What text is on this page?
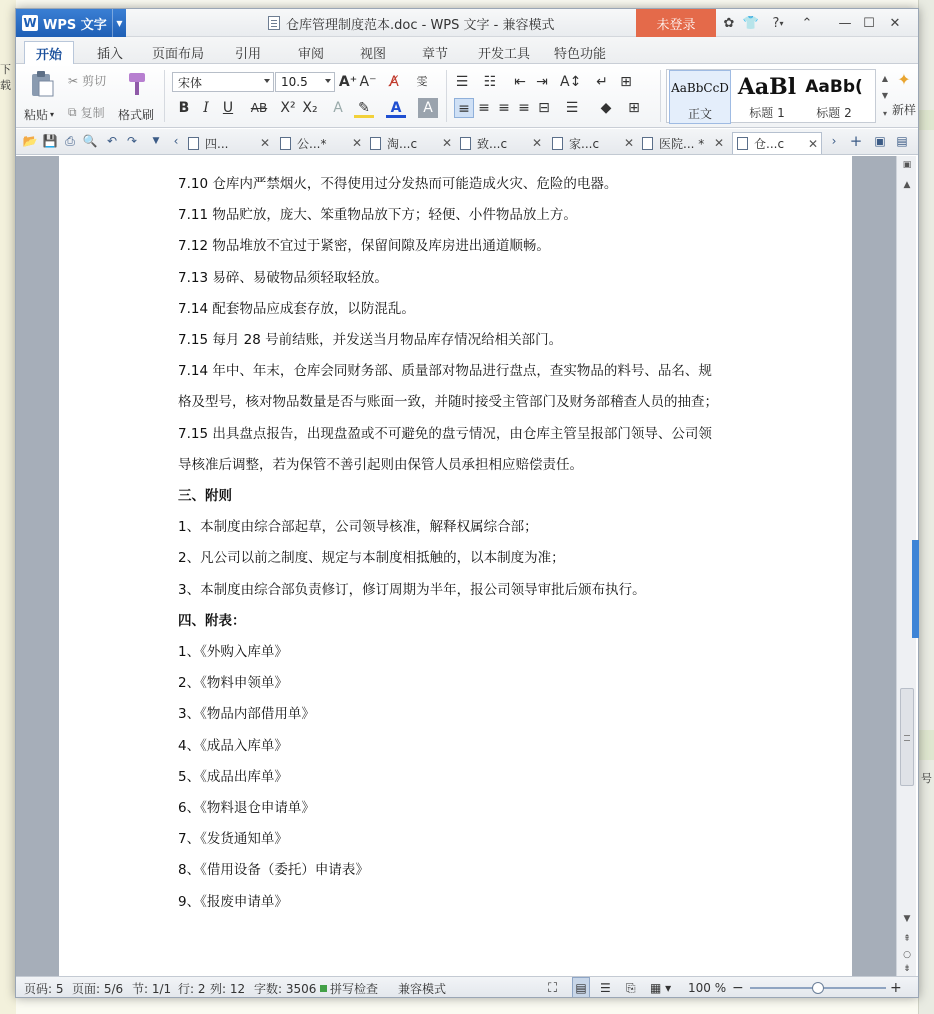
下载
号
W WPS 文字	▼	仓库管理制度范本.doc - WPS 文字 - 兼容模式	未登录	✿ 👕 ? ▾	⌃	— ☐	✕
开始	插入	页面布局	引用	审阅	视图	章节	开发工具	特色功能
粘贴 ▾
✂ 剪切
⧉ 复制 格式刷
宋体	10.5 A⁺ A⁻ A̸	雯
B I	U	AB X² X₂	A	✎	A	A
☰ ☷ ⇤ ⇥ A↕ ↵ ⊞
≡ ≡ ≡ ≡ ⊟ ☰	◆	⊞
AaBbCcD
正文
AaBl
标题 1
AaBb(
标题 2
▲
▼
▾
✦
新样
📂 💾 ⎙ 🔍 ↶ ↷	▼	‹	四...	✕ 公...* ✕ 淘...c ✕ 致...c ✕ 家...c ✕ 医院... * ✕	仓...c ✕	› + ▣ ▤
7.10 仓库内严禁烟火，不得使用过分发热而可能造成火灾、危险的电器。
7.11 物品贮放，庞大、笨重物品放下方；轻便、小件物品放上方。
7.12 物品堆放不宜过于紧密，保留间隙及库房进出通道顺畅。
7.13 易碎、易破物品须轻取轻放。
7.14 配套物品应成套存放，以防混乱。
7.15 每月 28 号前结账，并发送当月物品库存情况给相关部门。
7.14 年中、年末，仓库会同财务部、质量部对物品进行盘点，查实物品的料号、品名、规
格及型号，核对物品数量是否与账面一致，并随时接受主管部门及财务部稽查人员的抽查；
7.15 出具盘点报告，出现盘盈或不可避免的盘亏情况，由仓库主管呈报部门领导、公司领
导核准后调整，若为保管不善引起则由保管人员承担相应赔偿责任。
三、附则
1、本制度由综合部起草，公司领导核准，解释权属综合部；
2、凡公司以前之制度、规定与本制度相抵触的，以本制度为准；
3、本制度由综合部负责修订，修订周期为半年，报公司领导审批后颁布执行。
四、附表：
1、《外购入库单》
2、《物料申领单》
3、《物品内部借用单》
4、《成品入库单》
5、《成品出库单》
6、《物料退仓申请单》
7、《发货通知单》
8、《借用设备（委托）申请表》
9、《报废申请单》
▣
▲
▼
⇞
○
⇟
页码: 5 页面: 5/6 节: 1/1 行: 2 列: 12 字数: 3506 拼写检查 兼容模式	⛶ ▤ ☰ ⎘ ▦ ▾ 100 % −	+
